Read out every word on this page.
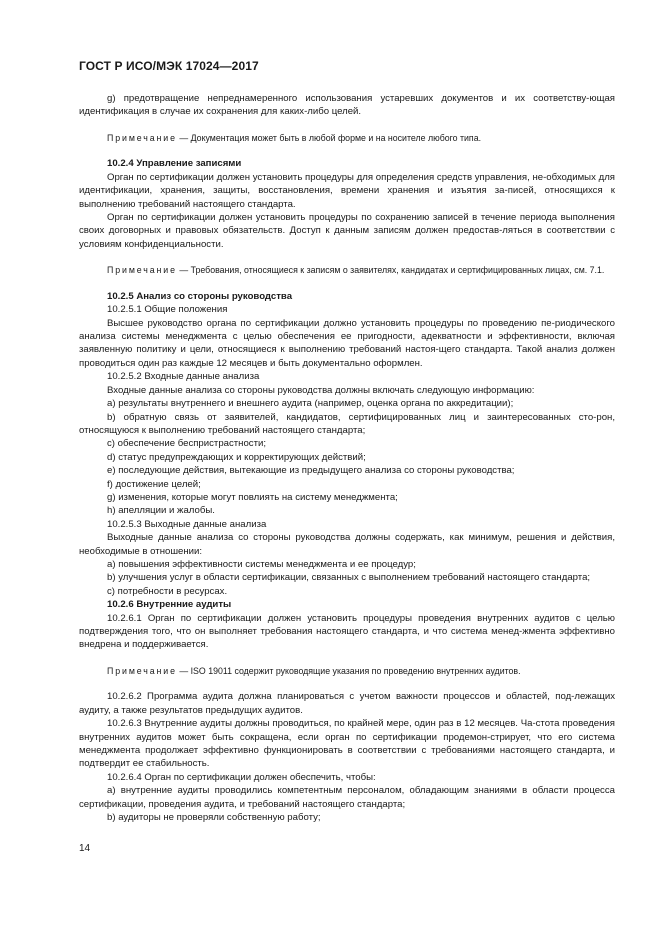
ГОСТ Р ИСО/МЭК 17024—2017

g) предотвращение непреднамеренного использования устаревших документов и их соответству-ющая идентификация в случае их сохранения для каких-либо целей.

Примечание — Документация может быть в любой форме и на носителе любого типа.

10.2.4 Управление записями

Орган по сертификации должен установить процедуры для определения средств управления, не-обходимых для идентификации, хранения, защиты, восстановления, времени хранения и изъятия за-писей, относящихся к выполнению требований настоящего стандарта.

Орган по сертификации должен установить процедуры по сохранению записей в течение периода выполнения своих договорных и правовых обязательств. Доступ к данным записям должен предостав-ляться в соответствии с условиям конфиденциальности.

Примечание — Требования, относящиеся к записям о заявителях, кандидатах и сертифицированных лицах, см. 7.1.

10.2.5 Анализ со стороны руководства

10.2.5.1 Общие положения

Высшее руководство органа по сертификации должно установить процедуры по проведению пе-риодического анализа системы менеджмента с целью обеспечения ее пригодности, адекватности и эффективности, включая заявленную политику и цели, относящиеся к выполнению требований настоя-щего стандарта. Такой анализ должен проводиться один раз каждые 12 месяцев и быть документально оформлен.

10.2.5.2 Входные данные анализа

Входные данные анализа со стороны руководства должны включать следующую информацию:

a) результаты внутреннего и внешнего аудита (например, оценка органа по аккредитации);

b) обратную связь от заявителей, кандидатов, сертифицированных лиц и заинтересованных сто-рон, относящуюся к выполнению требований настоящего стандарта;

c) обеспечение беспристрастности;

d) статус предупреждающих и корректирующих действий;

e) последующие действия, вытекающие из предыдущего анализа со стороны руководства;

f) достижение целей;

g) изменения, которые могут повлиять на систему менеджмента;

h) апелляции и жалобы.

10.2.5.3 Выходные данные анализа

Выходные данные анализа со стороны руководства должны содержать, как минимум, решения и действия, необходимые в отношении:

a) повышения эффективности системы менеджмента и ее процедур;

b) улучшения услуг в области сертификации, связанных с выполнением требований настоящего стандарта;

c) потребности в ресурсах.

10.2.6 Внутренние аудиты

10.2.6.1 Орган по сертификации должен установить процедуры проведения внутренних аудитов с целью подтверждения того, что он выполняет требования настоящего стандарта, и что система менед-жмента эффективно внедрена и поддерживается.

Примечание — ISO 19011 содержит руководящие указания по проведению внутренних аудитов.

10.2.6.2 Программа аудита должна планироваться с учетом важности процессов и областей, под-лежащих аудиту, а также результатов предыдущих аудитов.

10.2.6.3 Внутренние аудиты должны проводиться, по крайней мере, один раз в 12 месяцев. Ча-стота проведения внутренних аудитов может быть сокращена, если орган по сертификации продемон-стрирует, что его система менеджмента продолжает эффективно функционировать в соответствии с требованиями настоящего стандарта, и подтвердит ее стабильность.

10.2.6.4 Орган по сертификации должен обеспечить, чтобы:

a) внутренние аудиты проводились компетентным персоналом, обладающим знаниями в области процесса сертификации, проведения аудита, и требований настоящего стандарта;

b) аудиторы не проверяли собственную работу;

14
